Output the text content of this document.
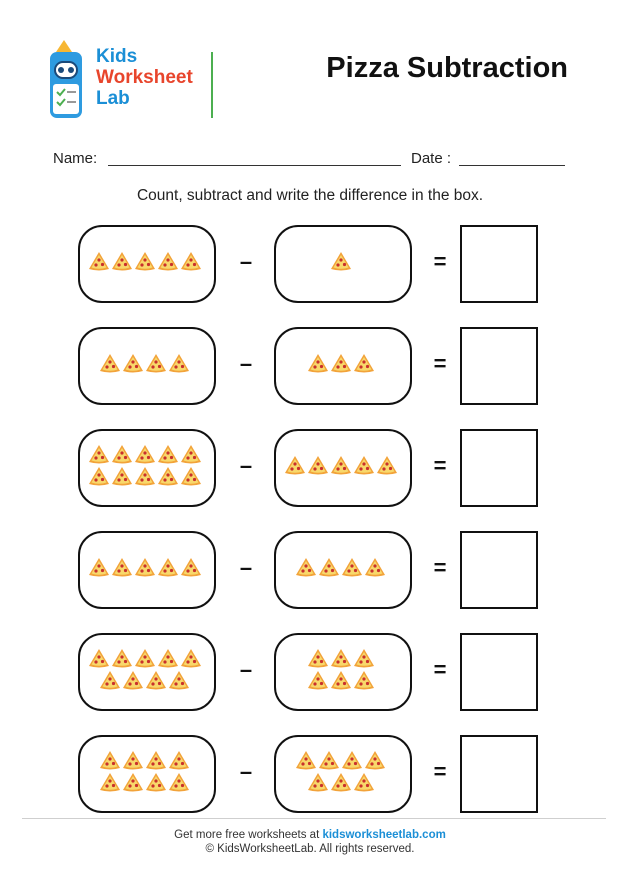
Kids
Worksheet
Lab
Pizza Subtraction
Name:	Date :
Count, subtract and write the difference in the box.
–	=
–	=
–	=
–	=
–	=
–	=
Get more free worksheets at kidsworksheetlab.com
© KidsWorksheetLab. All rights reserved.
